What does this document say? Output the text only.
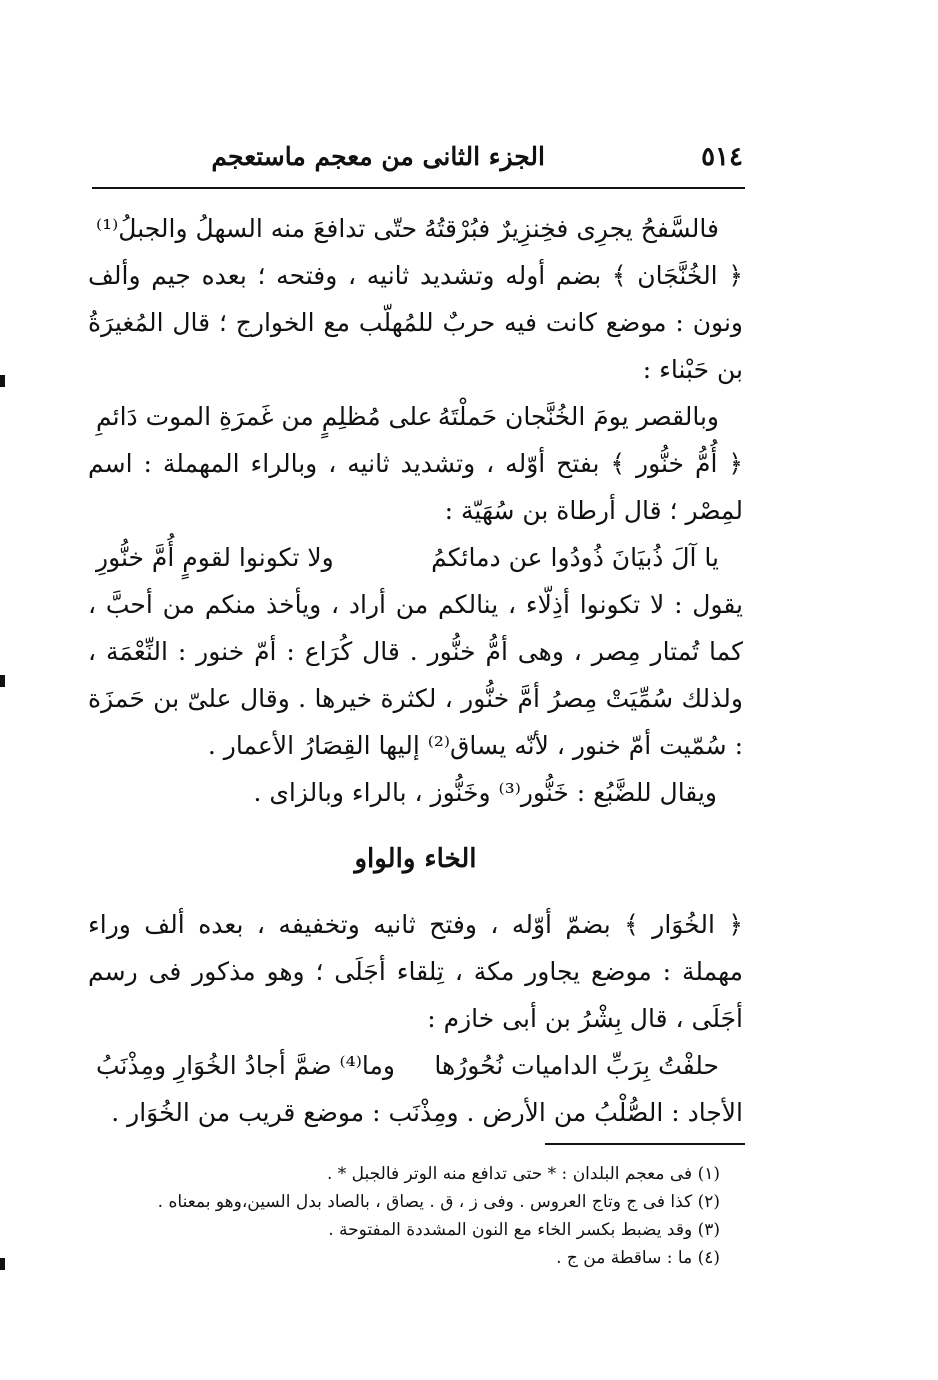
٥١٤
الجزء الثانى من معجم ماستعجم
فالسَّفحُ يجرِى فخِنزِيرٌ فبُرْقتُهُ
حتّى تدافعَ منه السهلُ والجبلُ⁽¹⁾

﴿ الخُنَّجَان ﴾ بضم أوله وتشديد ثانيه ، وفتحه ؛ بعده جيم وألف ونون : موضع كانت فيه حربٌ للمُهلّب مع الخوارج ؛ قال المُغيرَةُ بن حَبْناء :

وبالقصر يومَ الخُنَّجان حَملْتَهُ
على مُظلِمٍ من غَمرَةِ الموت دَائمِ

﴿ أُمُّ خنُّور ﴾ بفتح أوّله ، وتشديد ثانيه ، وبالراء المهملة : اسم لمِصْر ؛ قال أرطاة بن سُهَيّة :

يا آلَ ذُبيَانَ ذُودُوا عن دمائكمُ
ولا تكونوا لقومٍ أُمَّ خنُّورِ

يقول : لا تكونوا أذِلّاء ، ينالكم من أراد ، ويأخذ منكم من أحبَّ ، كما تُمتار مِصر ، وهى أمُّ خنُّور . قال كُرَاع : أمّ خنور : النِّعْمَة ، ولذلك سُمِّيَتْ مِصرُ أمَّ خنُّور ، لكثرة خيرها . وقال علىّ بن حَمزَة : سُمّيت أمّ خنور ، لأنّه يساق⁽²⁾ إليها القِصَارُ الأعمار .

ويقال للضَّبُع : خَنُّور⁽³⁾ وخَنُّوز ، بالراء وبالزاى .

الخاء والواو

﴿ الخُوَار ﴾ بضمّ أوّله ، وفتح ثانيه وتخفيفه ، بعده ألف وراء مهملة : موضع يجاور مكة ، تِلقاء أجَلَى ؛ وهو مذكور فى رسم أجَلَى ، قال بِشْرُ بن أبى خازم :

حلفْتُ بِرَبِّ الداميات نُحُورُها
وما⁽⁴⁾ ضمَّ أجادُ الخُوَارِ ومِذْنَبُ

الأجاد : الصُّلْبُ من الأرض . ومِذْنَب : موضع قريب من الخُوَار .

(١) فى معجم البلدان : * حتى تدافع منه الوتر فالجبل * .
(٢) كذا فى ج وتاج العروس . وفى ز ، ق . يصاق ، بالصاد بدل السين،وهو بمعناه .
(٣) وقد يضبط بكسر الخاء مع النون المشددة المفتوحة .
(٤) ما : ساقطة من ج .
